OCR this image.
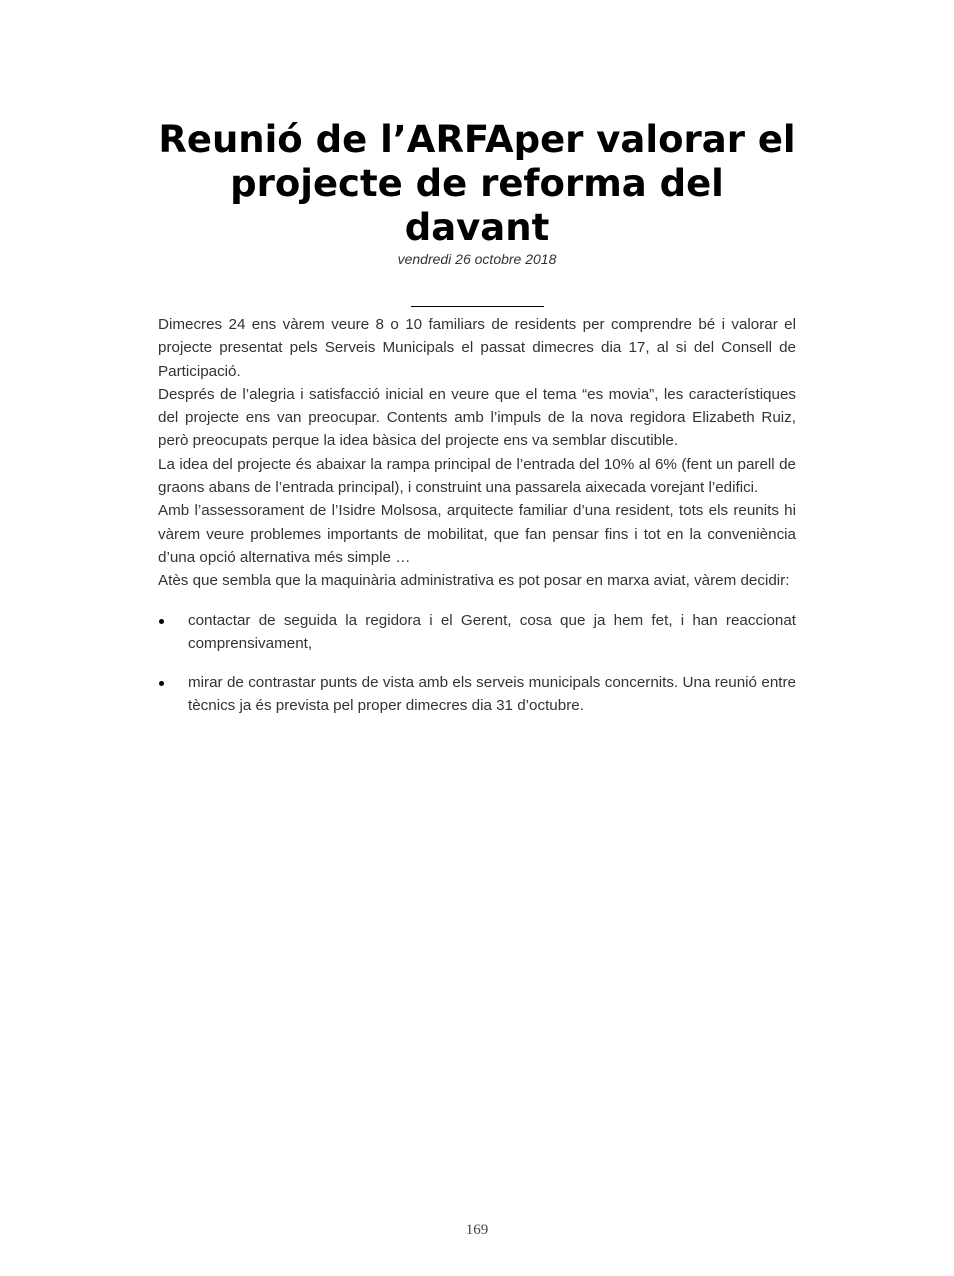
Reunió de l’ARFAper valorar el
projecte de reforma del
davant
vendredi 26 octobre 2018

Dimecres 24 ens vàrem veure 8 o 10 familiars de residents per comprendre bé i valorar el projecte presentat pels Serveis Municipals el passat dimecres dia 17, al si del Consell de Participació.

Després de l’alegria i satisfacció inicial en veure que el tema “es movia”, les característiques del projecte ens van preocupar. Contents amb l’impuls de la nova regidora Elizabeth Ruiz, però preocupats perque la idea bàsica del projecte ens va semblar discutible.

La idea del projecte és abaixar la rampa principal de l’entrada del 10% al 6% (fent un parell de graons abans de l’entrada principal), i construint una passarela aixecada vorejant l’edifici.

Amb l’assessorament de l’Isidre Molsosa, arquitecte familiar d’una resident, tots els reunits hi vàrem veure problemes importants de mobilitat, que fan pensar fins i tot en la conveniència d’una opció alternativa més simple …

Atès que sembla que la maquinària administrativa es pot posar en marxa aviat, vàrem decidir:

contactar de seguida la regidora i el Gerent, cosa que ja hem fet, i han reaccionat comprensivament,
mirar de contrastar punts de vista amb els serveis municipals concernits. Una reunió entre tècnics ja és prevista pel proper dimecres dia 31 d’octubre.
169
